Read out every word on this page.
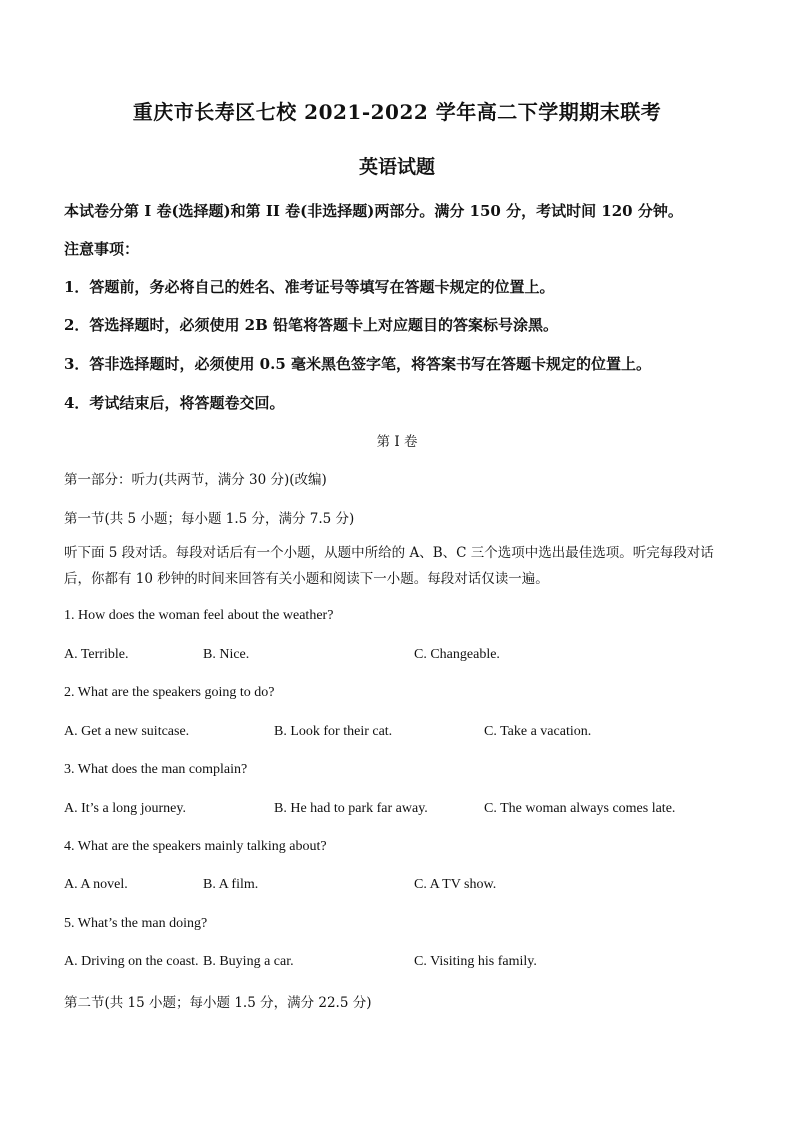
重庆市长寿区七校 2021-2022 学年高二下学期期末联考
英语试题
本试卷分第 I 卷(选择题)和第 II 卷(非选择题)两部分。满分 150 分，考试时间 120 分钟。
注意事项：
1．答题前，务必将自己的姓名、准考证号等填写在答题卡规定的位置上。
2．答选择题时，必须使用 2B 铅笔将答题卡上对应题目的答案标号涂黑。
3．答非选择题时，必须使用 0.5 毫米黑色签字笔，将答案书写在答题卡规定的位置上。
4．考试结束后，将答题卷交回。
第 I 卷
第一部分：听力(共两节，满分 30 分)(改编)
第一节(共 5 小题；每小题 1.5 分，满分 7.5 分)
听下面 5 段对话。每段对话后有一个小题，从题中所给的 A、B、C 三个选项中选出最佳选项。听完每段对话后，你都有 10 秒钟的时间来回答有关小题和阅读下一小题。每段对话仅读一遍。
1. How does the woman feel about the weather?
A. Terrible.	B. Nice.	C. Changeable.
2. What are the speakers going to do?
A. Get a new suitcase.	B. Look for their cat.	C. Take a vacation.
3. What does the man complain?
A. It’s a long journey.	B. He had to park far away.	C. The woman always comes late.
4. What are the speakers mainly talking about?
A. A novel.	B. A film.	C. A TV show.
5. What’s the man doing?
A. Driving on the coast. B. Buying a car.	C. Visiting his family.
第二节(共 15 小题；每小题 1.5 分，满分 22.5 分)
